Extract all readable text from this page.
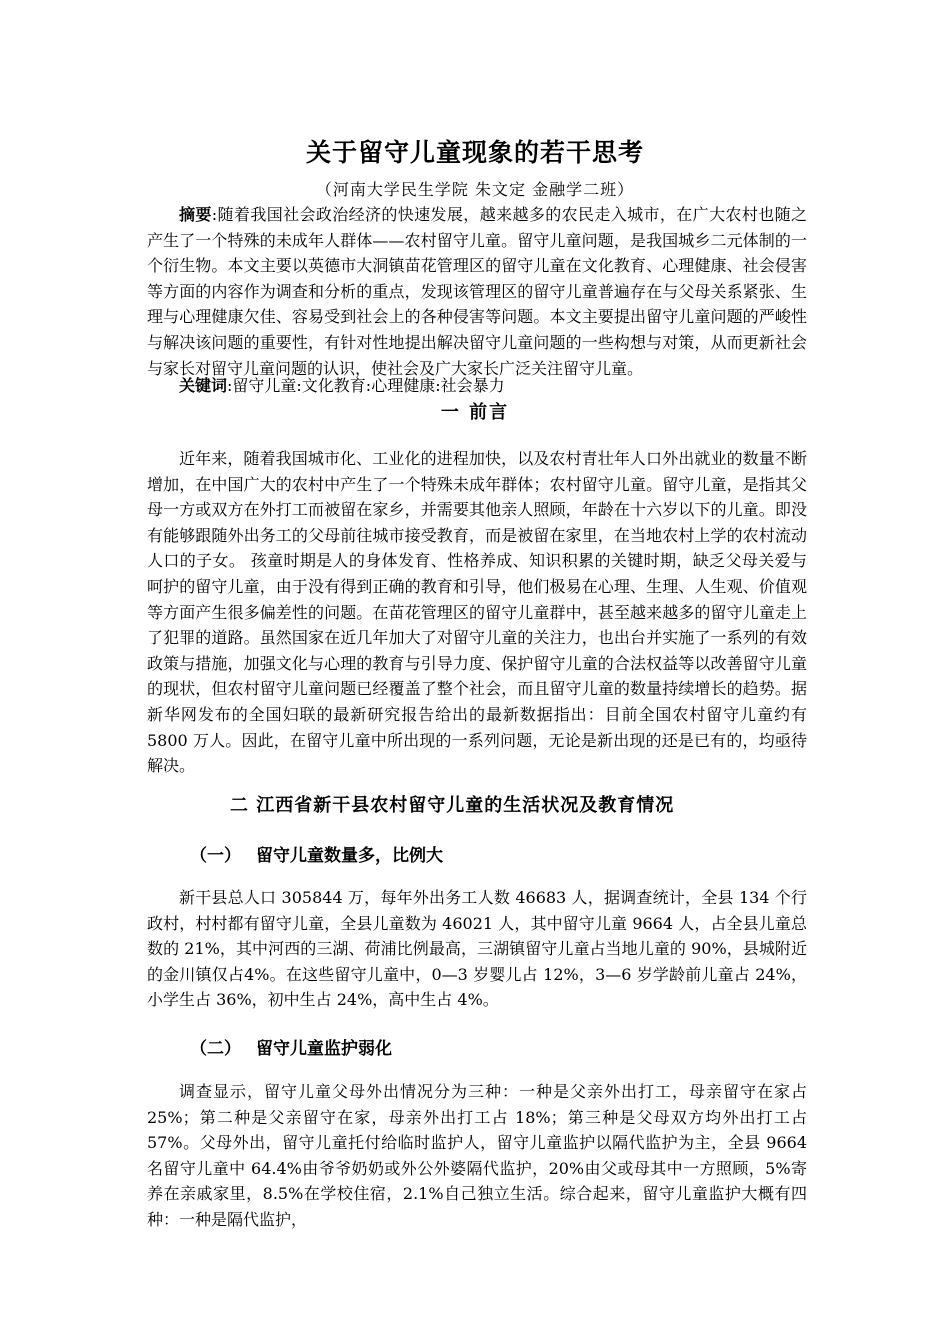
关于留守儿童现象的若干思考
（河南大学民生学院 朱文定 金融学二班）
摘要:随着我国社会政治经济的快速发展，越来越多的农民走入城市，在广大农村也随之产生了一个特殊的未成年人群体——农村留守儿童。留守儿童问题，是我国城乡二元体制的一个衍生物。本文主要以英德市大洞镇苗花管理区的留守儿童在文化教育、心理健康、社会侵害等方面的内容作为调查和分析的重点，发现该管理区的留守儿童普遍存在与父母关系紧张、生理与心理健康欠佳、容易受到社会上的各种侵害等问题。本文主要提出留守儿童问题的严峻性与解决该问题的重要性，有针对性地提出解决留守儿童问题的一些构想与对策，从而更新社会与家长对留守儿童问题的认识，使社会及广大家长广泛关注留守儿童。
关键词:留守儿童:文化教育:心理健康:社会暴力
一 前言
近年来，随着我国城市化、工业化的进程加快，以及农村青壮年人口外出就业的数量不断增加，在中国广大的农村中产生了一个特殊未成年群体；农村留守儿童。留守儿童，是指其父母一方或双方在外打工而被留在家乡，并需要其他亲人照顾，年龄在十六岁以下的儿童。即没有能够跟随外出务工的父母前往城市接受教育，而是被留在家里，在当地农村上学的农村流动人口的子女。 孩童时期是人的身体发育、性格养成、知识积累的关键时期，缺乏父母关爱与呵护的留守儿童，由于没有得到正确的教育和引导，他们极易在心理、生理、人生观、价值观等方面产生很多偏差性的问题。在苗花管理区的留守儿童群中，甚至越来越多的留守儿童走上了犯罪的道路。虽然国家在近几年加大了对留守儿童的关注力，也出台并实施了一系列的有效政策与措施，加强文化与心理的教育与引导力度、保护留守儿童的合法权益等以改善留守儿童的现状，但农村留守儿童问题已经覆盖了整个社会，而且留守儿童的数量持续增长的趋势。据新华网发布的全国妇联的最新研究报告给出的最新数据指出：目前全国农村留守儿童约有 5800 万人。因此，在留守儿童中所出现的一系列问题，无论是新出现的还是已有的，均亟待解决。
二 江西省新干县农村留守儿童的生活状况及教育情况
（一） 留守儿童数量多，比例大
新干县总人口 305844 万，每年外出务工人数 46683 人，据调查统计，全县 134 个行政村，村村都有留守儿童，全县儿童数为 46021 人，其中留守儿童 9664 人，占全县儿童总数的 21%，其中河西的三湖、荷浦比例最高，三湖镇留守儿童占当地儿童的 90%，县城附近的金川镇仅占4%。在这些留守儿童中，0—3 岁婴儿占 12%，3—6 岁学龄前儿童占 24%，小学生占 36%，初中生占 24%，高中生占 4%。
（二） 留守儿童监护弱化
调查显示，留守儿童父母外出情况分为三种：一种是父亲外出打工，母亲留守在家占25%；第二种是父亲留守在家，母亲外出打工占 18%；第三种是父母双方均外出打工占 57%。父母外出，留守儿童托付给临时监护人，留守儿童监护以隔代监护为主，全县 9664 名留守儿童中 64.4%由爷爷奶奶或外公外婆隔代监护，20%由父或母其中一方照顾，5%寄养在亲戚家里，8.5%在学校住宿，2.1%自己独立生活。综合起来，留守儿童监护大概有四种：一种是隔代监护，
